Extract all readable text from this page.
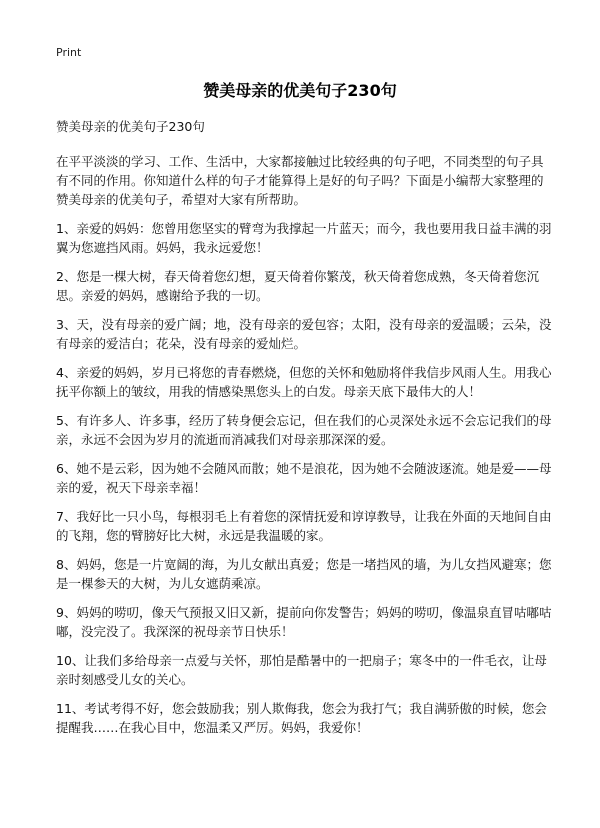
Print
赞美母亲的优美句子230句

赞美母亲的优美句子230句

在平平淡淡的学习、工作、生活中，大家都接触过比较经典的句子吧，不同类型的句子具有不同的作用。你知道什么样的句子才能算得上是好的句子吗？下面是小编帮大家整理的赞美母亲的优美句子，希望对大家有所帮助。

1、亲爱的妈妈：您曾用您坚实的臂弯为我撑起一片蓝天；而今，我也要用我日益丰满的羽翼为您遮挡风雨。妈妈，我永远爱您！

2、您是一棵大树，春天倚着您幻想，夏天倚着你繁茂，秋天倚着您成熟，冬天倚着您沉思。亲爱的妈妈，感谢给予我的一切。

3、天，没有母亲的爱广阔；地，没有母亲的爱包容；太阳，没有母亲的爱温暖；云朵，没有母亲的爱洁白；花朵，没有母亲的爱灿烂。

4、亲爱的妈妈，岁月已将您的青春燃烧，但您的关怀和勉励将伴我信步风雨人生。用我心抚平你额上的皱纹，用我的情感染黑您头上的白发。母亲天底下最伟大的人！

5、有许多人、许多事，经历了转身便会忘记，但在我们的心灵深处永远不会忘记我们的母亲，永远不会因为岁月的流逝而消减我们对母亲那深深的爱。

6、她不是云彩，因为她不会随风而散；她不是浪花，因为她不会随波逐流。她是爱——母亲的爱，祝天下母亲幸福！

7、我好比一只小鸟，每根羽毛上有着您的深情抚爱和谆谆教导，让我在外面的天地间自由的飞翔，您的臂膀好比大树，永远是我温暖的家。

8、妈妈，您是一片宽阔的海，为儿女献出真爱；您是一堵挡风的墙，为儿女挡风避寒；您是一棵参天的大树，为儿女遮荫乘凉。

9、妈妈的唠叨，像天气预报又旧又新，提前向你发警告；妈妈的唠叨，像温泉直冒咕嘟咕嘟，没完没了。我深深的祝母亲节日快乐！

10、让我们多给母亲一点爱与关怀，那怕是酷暑中的一把扇子；寒冬中的一件毛衣，让母亲时刻感受儿女的关心。

11、考试考得不好，您会鼓励我；别人欺侮我，您会为我打气；我自满骄傲的时候，您会提醒我……在我心目中，您温柔又严厉。妈妈，我爱你！
